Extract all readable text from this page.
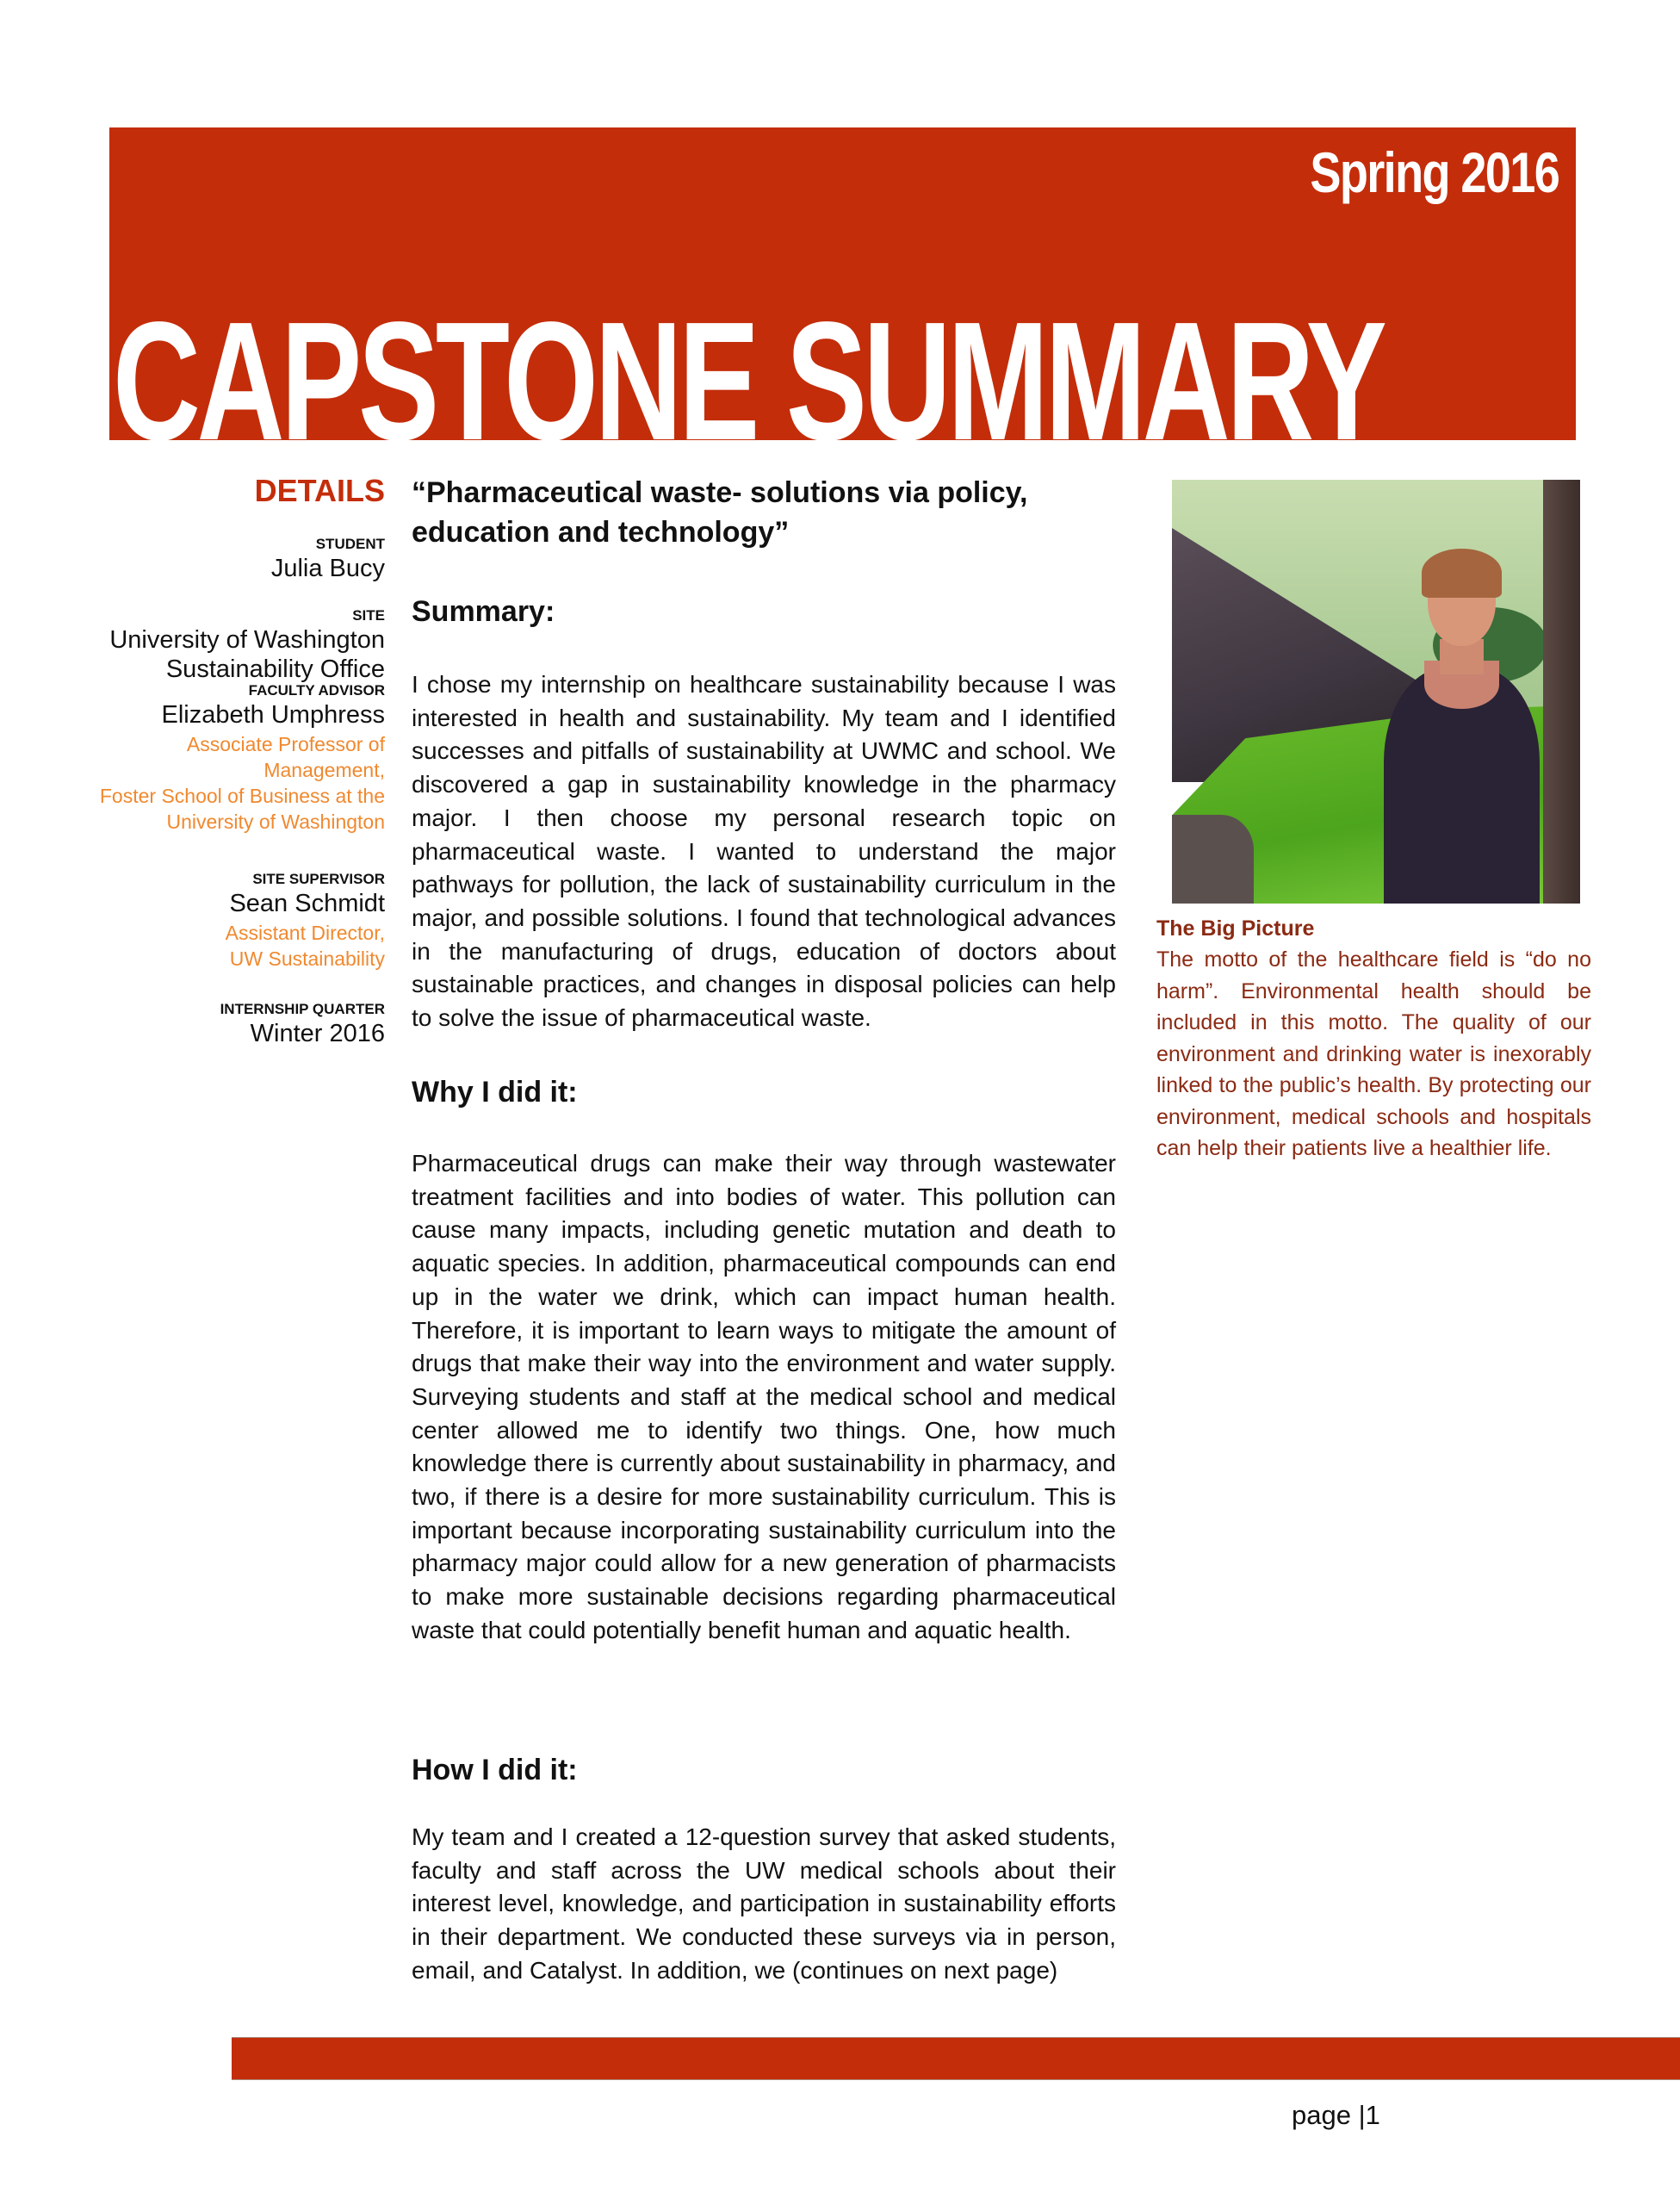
Spring 2016
CAPSTONE SUMMARY
DETAILS
STUDENT
Julia Bucy
SITE
University of Washington
Sustainability Office
FACULTY ADVISOR
Elizabeth Umphress
Associate Professor of
Management,
Foster School of Business at the
University of Washington
SITE SUPERVISOR
Sean Schmidt
Assistant Director,
UW Sustainability
INTERNSHIP QUARTER
Winter 2016
“Pharmaceutical waste- solutions via policy,
education and technology”
Summary:
I chose my internship on healthcare sustainability because I was interested in health and sustainability. My team and I identified successes and pitfalls of sustainability at UWMC and school. We discovered a gap in sustainability knowledge in the pharmacy major. I then choose my personal research topic on pharmaceutical waste. I wanted to understand the major pathways for pollution, the lack of sustainability curriculum in the major, and possible solutions. I found that technological advances in the manufacturing of drugs, education of doctors about sustainable practices, and changes in disposal policies can help to solve the issue of pharmaceutical waste.
Why I did it:
Pharmaceutical drugs can make their way through wastewater treatment facilities and into bodies of water. This pollution can cause many impacts, including genetic mutation and death to aquatic species. In addition, pharmaceutical compounds can end up in the water we drink, which can impact human health. Therefore, it is important to learn ways to mitigate the amount of drugs that make their way into the environment and water supply. Surveying students and staff at the medical school and medical center allowed me to identify two things. One, how much knowledge there is currently about sustainability in pharmacy, and two, if there is a desire for more sustainability curriculum. This is important because incorporating sustainability curriculum into the pharmacy major could allow for a new generation of pharmacists to make more sustainable decisions regarding pharmaceutical waste that could potentially benefit human and aquatic health.
How I did it:
My team and I created a 12-question survey that asked students, faculty and staff across the UW medical schools about their interest level, knowledge, and participation in sustainability efforts in their department. We conducted these surveys via in person, email, and Catalyst. In addition, we (continues on next page)
The Big Picture
The motto of the healthcare field is “do no harm”. Environmental health should be included in this motto. The quality of our environment and drinking water is inexorably linked to the public’s health. By protecting our environment, medical schools and hospitals can help their patients live a healthier life.
page |1
